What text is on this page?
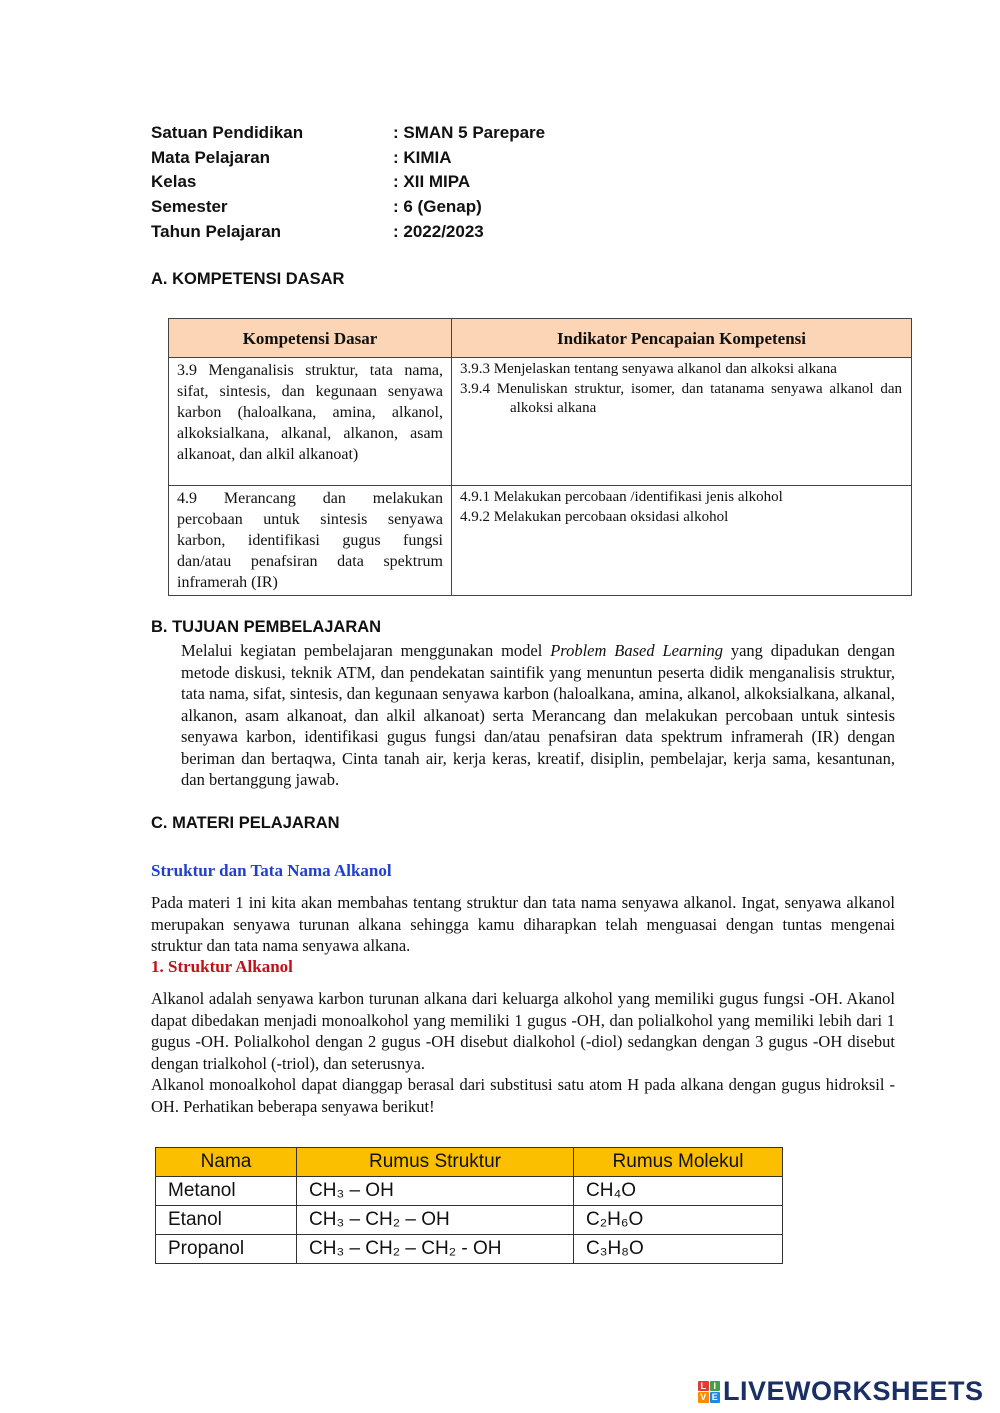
Satuan Pendidikan	: SMAN 5 Parepare
Mata Pelajaran	: KIMIA
Kelas	: XII MIPA
Semester	: 6 (Genap)
Tahun Pelajaran	: 2022/2023
A. KOMPETENSI DASAR
Kompetensi Dasar	Indikator Pencapaian Kompetensi
3.9 Menganalisis struktur, tata nama, sifat, sintesis, dan kegunaan senyawa karbon (haloalkana, amina, alkanol, alkoksialkana, alkanal, alkanon, asam alkanoat, dan alkil alkanoat)	3.9.3 Menjelaskan tentang senyawa alkanol dan alkoksi alkana

3.9.4 Menuliskan struktur, isomer, dan tatanama senyawa alkanol dan alkoksi alkana

4.9 Merancang dan melakukan percobaan untuk sintesis senyawa karbon, identifikasi gugus fungsi dan/atau penafsiran data spektrum inframerah (IR)	4.9.1 Melakukan percobaan /identifikasi jenis alkohol

4.9.2 Melakukan percobaan oksidasi alkohol

B. TUJUAN PEMBELAJARAN

Melalui kegiatan pembelajaran menggunakan model Problem Based Learning yang dipadukan dengan metode diskusi, teknik ATM, dan pendekatan saintifik yang menuntun peserta didik menganalisis struktur, tata nama, sifat, sintesis, dan kegunaan senyawa karbon (haloalkana, amina, alkanol, alkoksialkana, alkanal, alkanon, asam alkanoat, dan alkil alkanoat) serta Merancang dan melakukan percobaan untuk sintesis senyawa karbon, identifikasi gugus fungsi dan/atau penafsiran data spektrum inframerah (IR) dengan beriman dan bertaqwa, Cinta tanah air, kerja keras, kreatif, disiplin, pembelajar, kerja sama, kesantunan, dan bertanggung jawab.

C. MATERI PELAJARAN
Struktur dan Tata Nama Alkanol

Pada materi 1 ini kita akan membahas tentang struktur dan tata nama senyawa alkanol. Ingat, senyawa alkanol merupakan senyawa turunan alkana sehingga kamu diharapkan telah menguasai dengan tuntas mengenai struktur dan tata nama senyawa alkana.

1. Struktur Alkanol

Alkanol adalah senyawa karbon turunan alkana dari keluarga alkohol yang memiliki gugus fungsi -OH. Akanol dapat dibedakan menjadi monoalkohol yang memiliki 1 gugus -OH, dan polialkohol yang memiliki lebih dari 1 gugus -OH. Polialkohol dengan 2 gugus -OH disebut dialkohol (-diol) sedangkan dengan 3 gugus -OH disebut dengan trialkohol (-triol), dan seterusnya.

Alkanol monoalkohol dapat dianggap berasal dari substitusi satu atom H pada alkana dengan gugus hidroksil -OH. Perhatikan beberapa senyawa berikut!

Nama	Rumus Struktur	Rumus Molekul
Metanol	CH₃ – OH	CH₄O
Etanol	CH₃ – CH₂ – OH	C₂H₆O
Propanol	CH₃ – CH₂ – CH₂ - OH	C₃H₈O
L I
V E LIVEWORKSHEETS
